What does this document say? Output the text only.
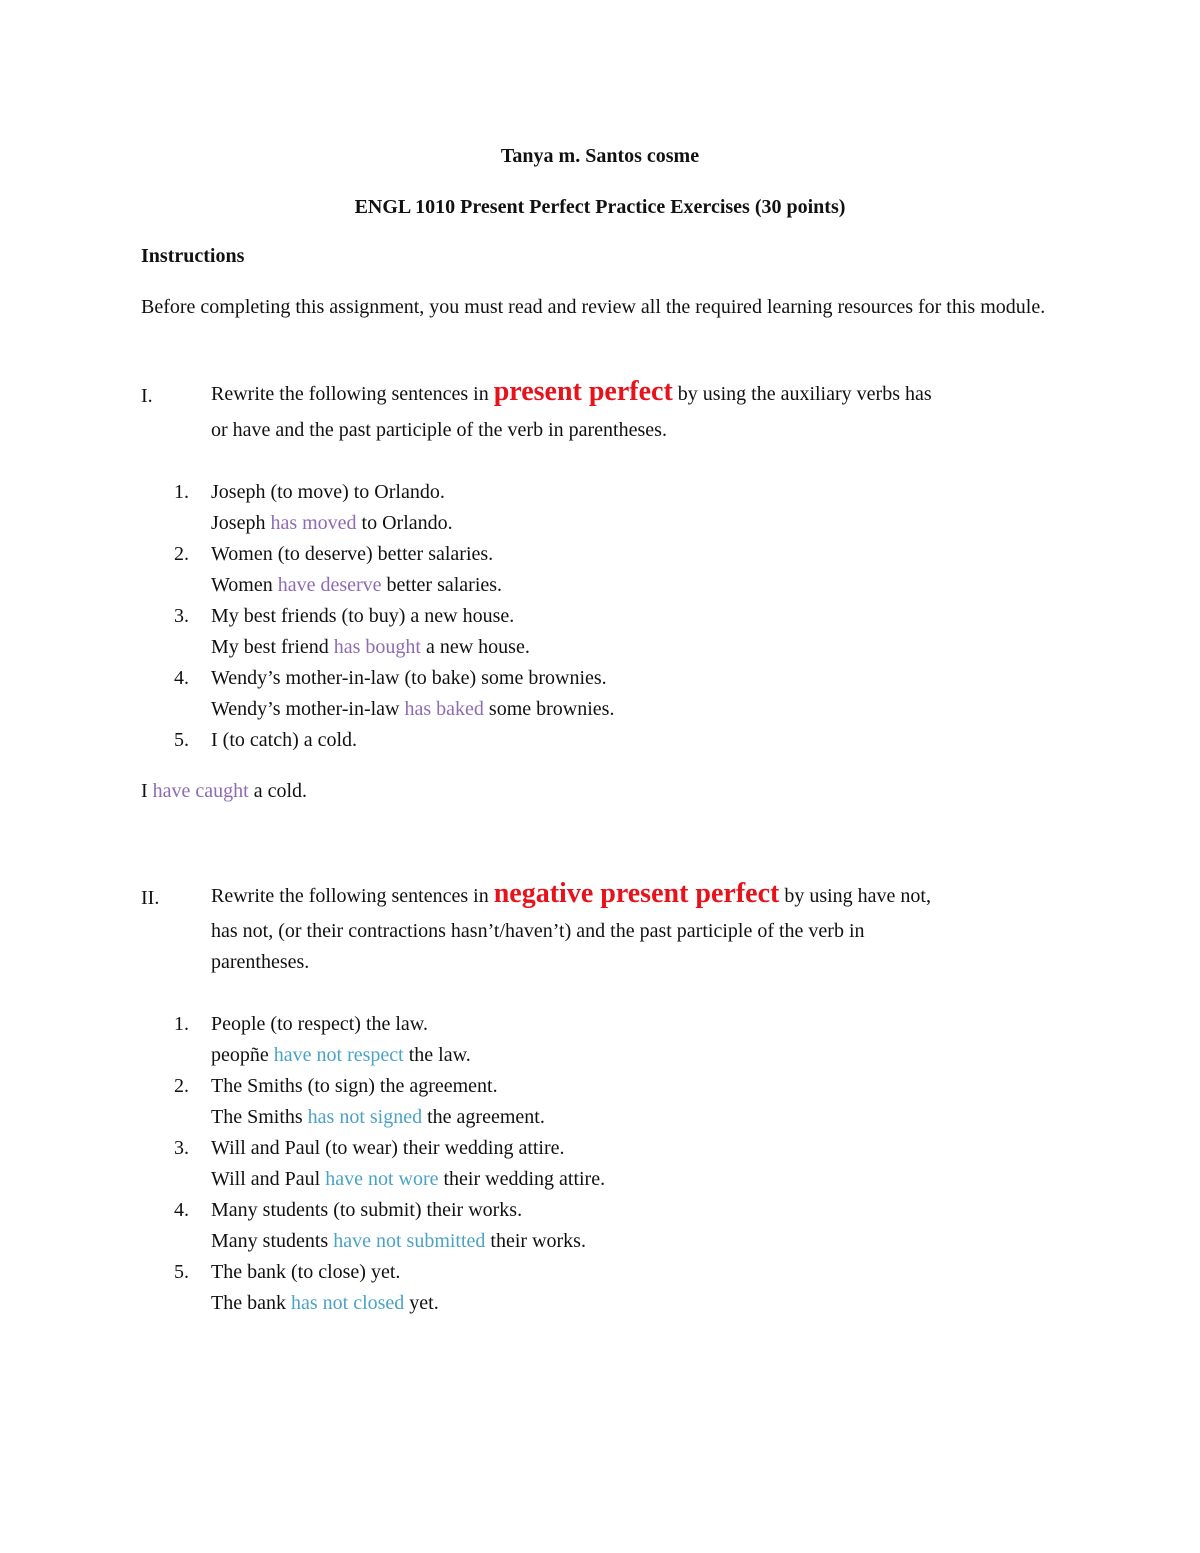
Tanya m. Santos cosme
ENGL 1010 Present Perfect Practice Exercises (30 points)
Instructions
Before completing this assignment, you must read and review all the required learning resources for this module.
I.	Rewrite the following sentences in present perfect by using the auxiliary verbs has
or have and the past participle of the verb in parentheses.
1. Joseph (to move) to Orlando.
Joseph has moved to Orlando.
2. Women (to deserve) better salaries.
Women have deserve better salaries.
3. My best friends (to buy) a new house.
My best friend has bought a new house.
4. Wendy’s mother-in-law (to bake) some brownies.
Wendy’s mother-in-law has baked some brownies.
5. I (to catch) a cold.
I have caught a cold.
II.	Rewrite the following sentences in negative present perfect by using have not,
has not, (or their contractions hasn’t/haven’t) and the past participle of the verb in
parentheses.
1. People (to respect) the law.
peopñe have not respect the law.
2. The Smiths (to sign) the agreement.
The Smiths has not signed the agreement.
3. Will and Paul (to wear) their wedding attire.
Will and Paul have not wore their wedding attire.
4. Many students (to submit) their works.
Many students have not submitted their works.
5. The bank (to close) yet.
The bank has not closed yet.
